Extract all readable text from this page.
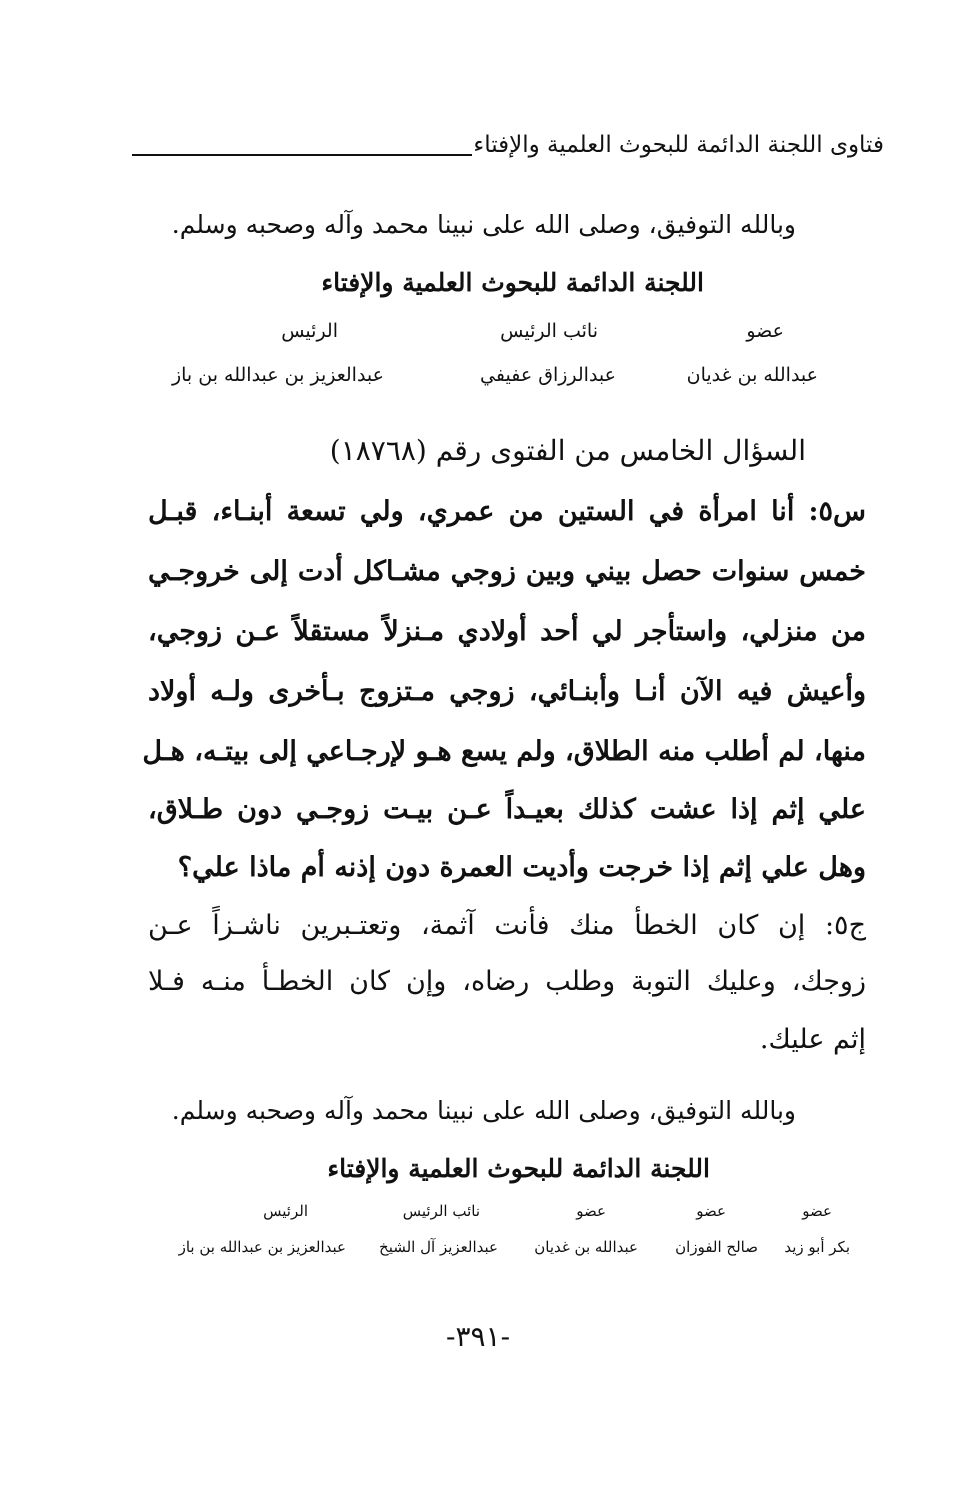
فتاوى اللجنة الدائمة للبحوث العلمية والإفتاء
وبالله التوفيق، وصلى الله على نبينا محمد وآله وصحبه وسلم.
اللجنة الدائمة للبحوث العلمية والإفتاء
عضو
نائب الرئيس
الرئيس
عبدالله بن غديان
عبدالرزاق عفيفي
عبدالعزيز بن عبدالله بن باز
السؤال الخامس من الفتوى رقم (١٨٧٦٨)
س٥: أنا امرأة في الستين من عمري، ولي تسعة أبنـاء، قبـل
خمس سنوات حصل بيني وبين زوجي مشـاكل أدت إلى خروجـي
من منزلي، واستأجر لي أحد أولادي مـنزلاً مستقلاً عـن زوجي،
وأعيش فيه الآن أنـا وأبنـائي، زوجي مـتزوج بـأخرى ولـه أولاد
منها، لم أطلب منه الطلاق، ولم يسع هـو لإرجـاعي إلى بيتـه، هـل
علي إثم إذا عشت كذلك بعيـداً عـن بيـت زوجـي دون طـلاق،
وهل علي إثم إذا خرجت وأديت العمرة دون إذنه أم ماذا علي؟
ج٥: إن كان الخطأ منك فأنت آثمة، وتعتـبرين ناشـزاً عـن
زوجك، وعليك التوبة وطلب رضاه، وإن كان الخطـأ منـه فـلا
إثم عليك.
وبالله التوفيق، وصلى الله على نبينا محمد وآله وصحبه وسلم.
اللجنة الدائمة للبحوث العلمية والإفتاء
عضو
عضو
عضو
نائب الرئيس
الرئيس
بكر أبو زيد
صالح الفوزان
عبدالله بن غديان
عبدالعزيز آل الشيخ
عبدالعزيز بن عبدالله بن باز
-٣٩١-
